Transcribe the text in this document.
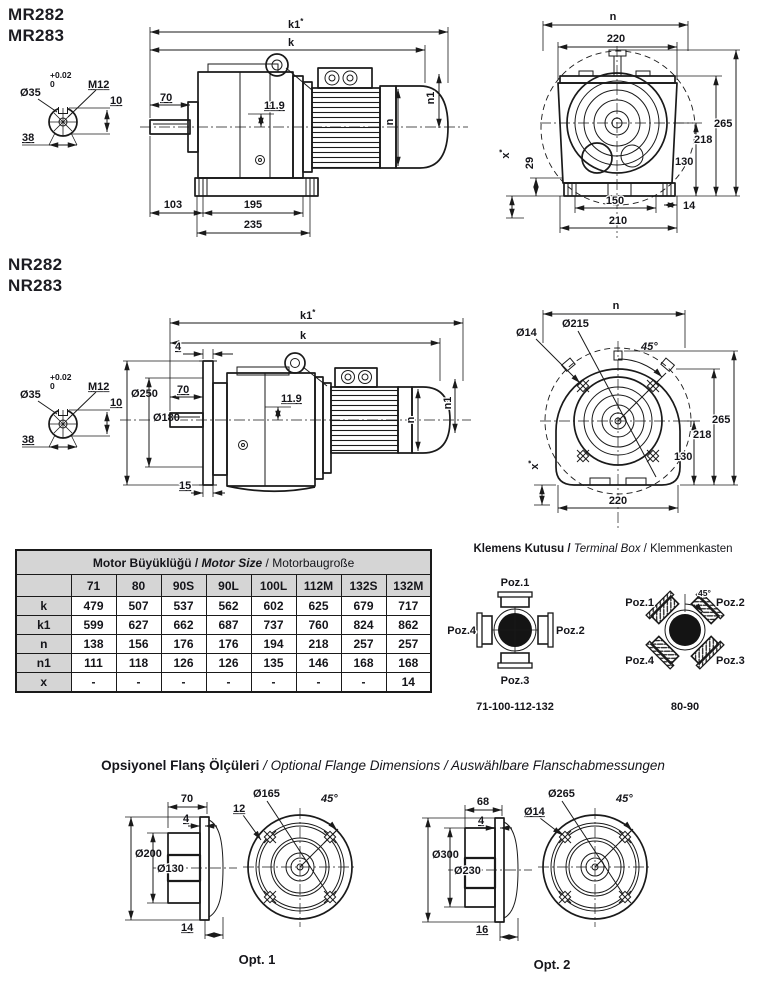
MR282
MR283
+0.02
0
Ø35
M12
10
38
k1*
k
70
11.9
n
n1
103	195
235
n
220
265
218
130
29
x*
150
210
14
NR282
NR283
+0.02
0
Ø35
M12
10
38
k1*
k
4
Ø250
Ø180
70
11.9
n
n1
15
n
Ø215
Ø14
45°
265
218
130
x*
220
Motor Büyüklüğü / Motor Size / Motorbaugroße								
	71	80	90S	90L	100L	112M	132S	132M
k	479	507	537	562	602	625	679	717
k1	599	627	662	687	737	760	824	862
n	138	156	176	176	194	218	257	257
n1	111	118	126	126	135	146	168	168
x	-	-	-	-	-	-	-	14
Klemens Kutusu / Terminal Box / Klemmenkasten
Poz.1
Poz.2
Poz.3
Poz.4
71-100-112-132
45°
Poz.1	Poz.2
Poz.3
Poz.4
80-90
Opsiyonel Flanş Ölçüleri / Optional Flange Dimensions / Auswählbare Flanschabmessungen
70
4
Ø200
Ø130
14
Ø165
12
45°
Opt. 1
68
4
Ø300
Ø230
16
Ø265
Ø14
45°
Opt. 2
